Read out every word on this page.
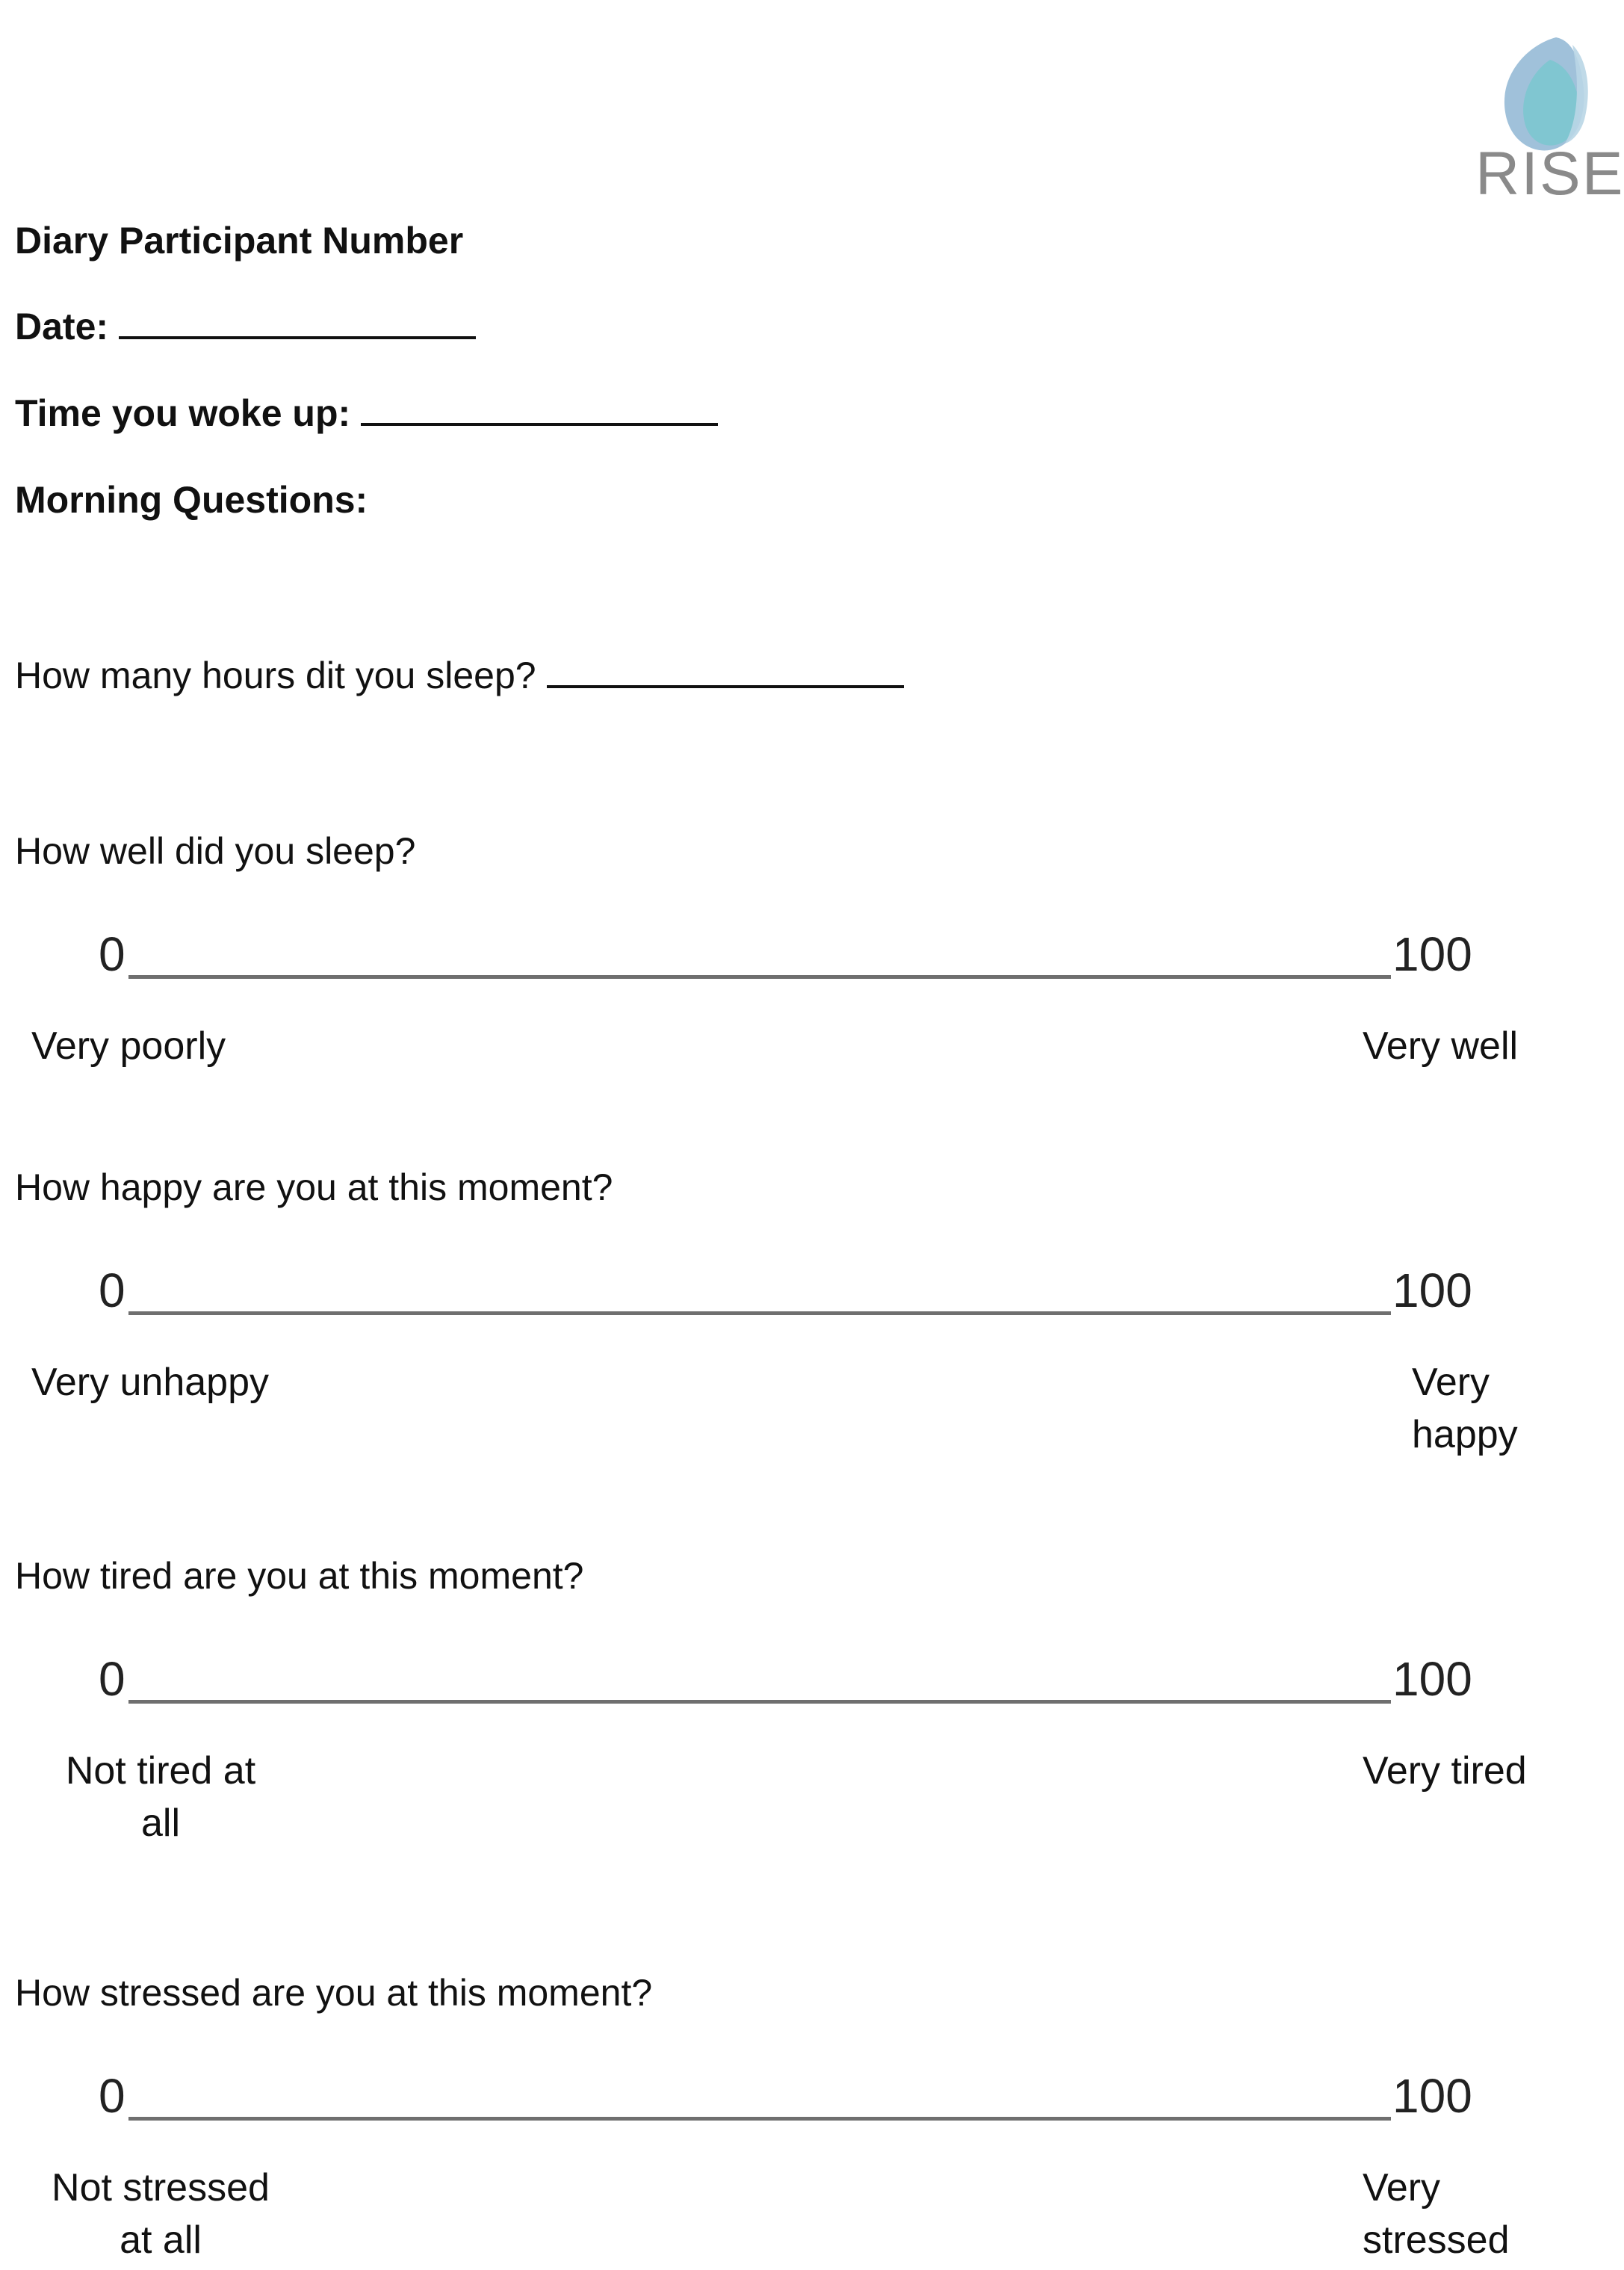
RISE
Diary Participant Number
Date:
Time you woke up:
Morning Questions:
How many hours dit you sleep?
How well did you sleep?
0	100
Very poorly	Very well
How happy are you at this moment?
0	100
Very unhappy	Very
happy
How tired are you at this moment?
0	100
Not tired at
all
Very tired
How stressed are you at this moment?
0	100
Not stressed
at all
Very
stressed
